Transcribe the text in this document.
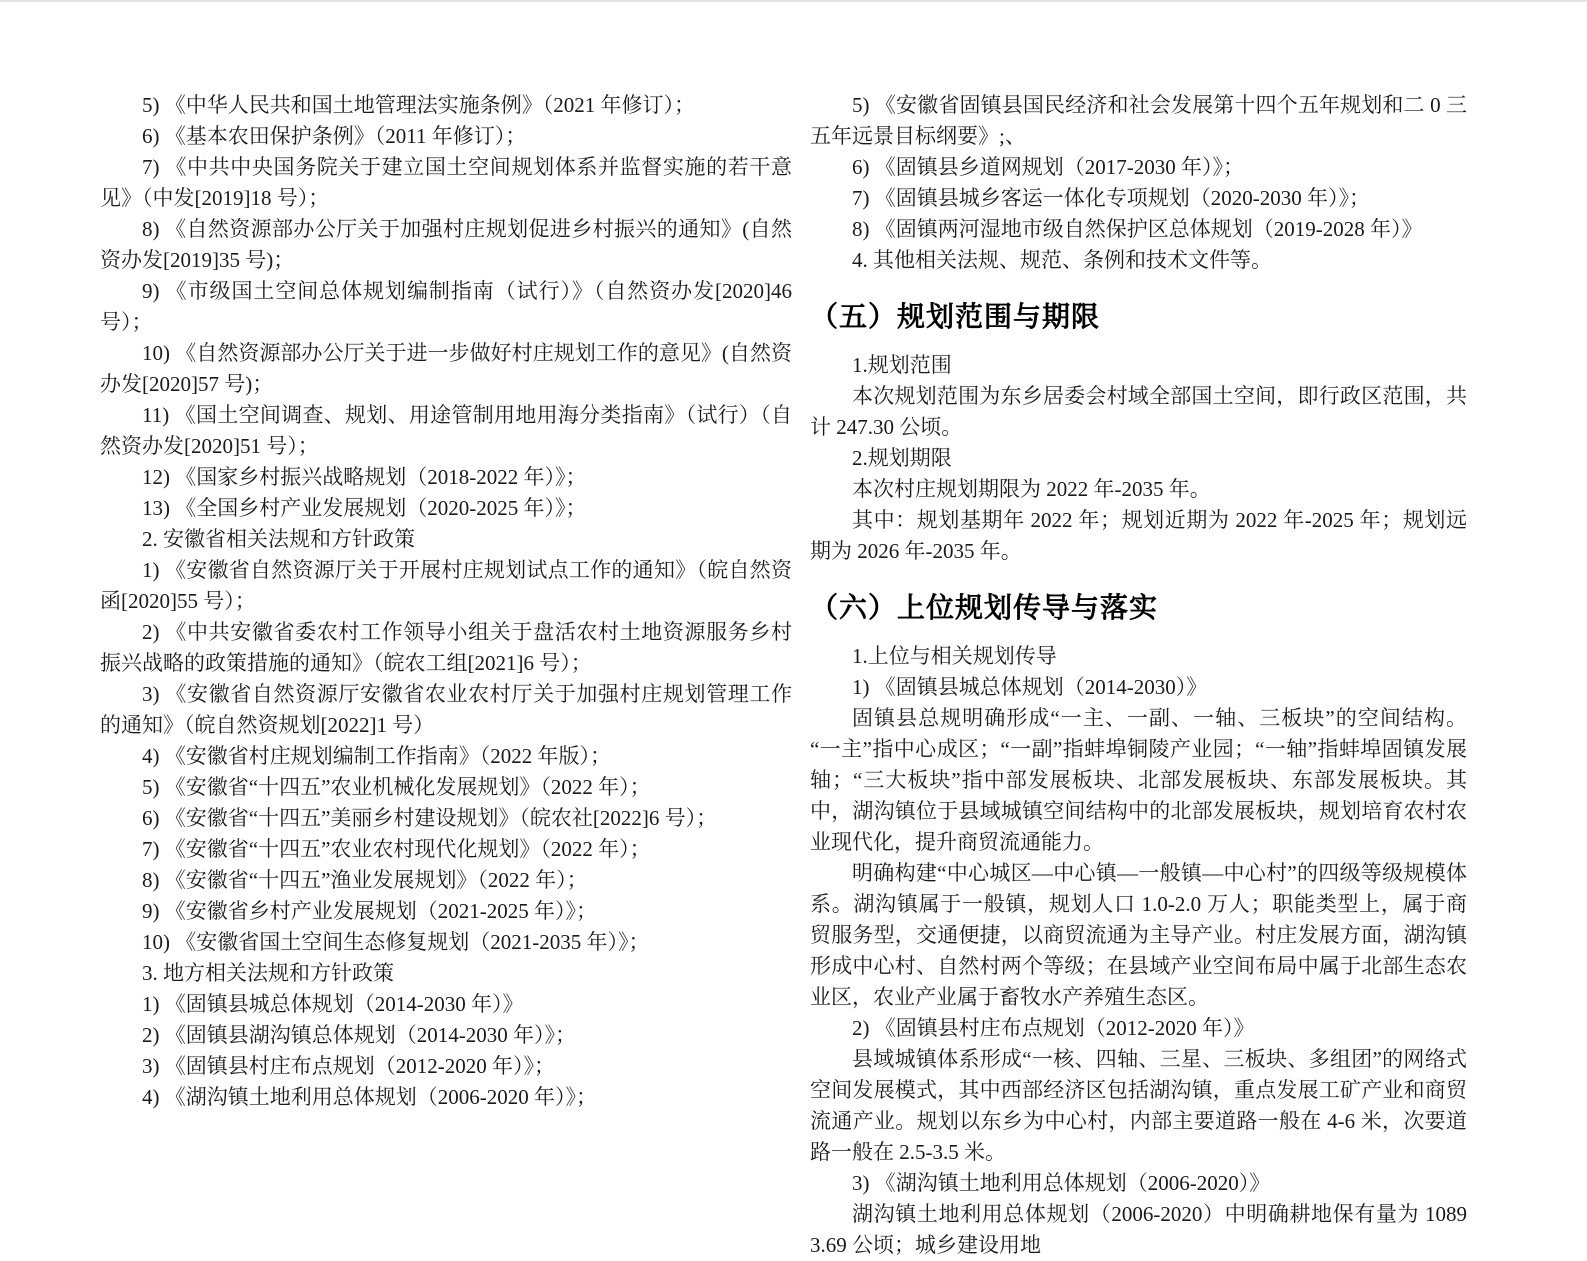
5) 《中华人民共和国土地管理法实施条例》（2021 年修订）；

6) 《基本农田保护条例》（2011 年修订）；

7) 《中共中央国务院关于建立国土空间规划体系并监督实施的若干意见》（中发[2019]18 号）；

8) 《自然资源部办公厅关于加强村庄规划促进乡村振兴的通知》(自然资办发[2019]35 号)；

9) 《市级国土空间总体规划编制指南（试行）》（自然资办发[2020]46 号）；

10) 《自然资源部办公厅关于进一步做好村庄规划工作的意见》(自然资办发[2020]57 号)；

11) 《国土空间调查、规划、用途管制用地用海分类指南》（试行）（自然资办发[2020]51 号）；

12) 《国家乡村振兴战略规划（2018-2022 年）》；

13) 《全国乡村产业发展规划（2020-2025 年）》；

2. 安徽省相关法规和方针政策

1) 《安徽省自然资源厅关于开展村庄规划试点工作的通知》（皖自然资函[2020]55 号）；

2) 《中共安徽省委农村工作领导小组关于盘活农村土地资源服务乡村振兴战略的政策措施的通知》（皖农工组[2021]6 号）；

3) 《安徽省自然资源厅安徽省农业农村厅关于加强村庄规划管理工作的通知》（皖自然资规划[2022]1 号）

4) 《安徽省村庄规划编制工作指南》（2022 年版）；

5) 《安徽省“十四五”农业机械化发展规划》（2022 年）；

6) 《安徽省“十四五”美丽乡村建设规划》（皖农社[2022]6 号）；

7) 《安徽省“十四五”农业农村现代化规划》（2022 年）；

8) 《安徽省“十四五”渔业发展规划》（2022 年）；

9) 《安徽省乡村产业发展规划（2021-2025 年）》；

10) 《安徽省国土空间生态修复规划（2021-2035 年）》；

3. 地方相关法规和方针政策

1) 《固镇县城总体规划（2014-2030 年）》

2) 《固镇县湖沟镇总体规划（2014-2030 年）》；

3) 《固镇县村庄布点规划（2012-2020 年）》；

4) 《湖沟镇土地利用总体规划（2006-2020 年）》；

5) 《安徽省固镇县国民经济和社会发展第十四个五年规划和二 0 三五年远景目标纲要》;、

6) 《固镇县乡道网规划（2017-2030 年）》；

7) 《固镇县城乡客运一体化专项规划（2020-2030 年）》；

8) 《固镇两河湿地市级自然保护区总体规划（2019-2028 年）》

4. 其他相关法规、规范、条例和技术文件等。

（五）规划范围与期限

1.规划范围

本次规划范围为东乡居委会村域全部国土空间，即行政区范围，共计 247.30 公顷。

2.规划期限

本次村庄规划期限为 2022 年-2035 年。

其中：规划基期年 2022 年；规划近期为 2022 年-2025 年；规划远期为 2026 年-2035 年。

（六）上位规划传导与落实

1.上位与相关规划传导

1) 《固镇县城总体规划（2014-2030）》

固镇县总规明确形成“一主、一副、一轴、三板块”的空间结构。“一主”指中心成区；“一副”指蚌埠铜陵产业园；“一轴”指蚌埠固镇发展轴；“三大板块”指中部发展板块、北部发展板块、东部发展板块。其中，湖沟镇位于县域城镇空间结构中的北部发展板块，规划培育农村农业现代化，提升商贸流通能力。

明确构建“中心城区—中心镇—一般镇—中心村”的四级等级规模体系。湖沟镇属于一般镇，规划人口 1.0-2.0 万人；职能类型上，属于商贸服务型，交通便捷，以商贸流通为主导产业。村庄发展方面，湖沟镇形成中心村、自然村两个等级；在县域产业空间布局中属于北部生态农业区，农业产业属于畜牧水产养殖生态区。

2) 《固镇县村庄布点规划（2012-2020 年）》

县域城镇体系形成“一核、四轴、三星、三板块、多组团”的网络式空间发展模式，其中西部经济区包括湖沟镇，重点发展工矿产业和商贸流通产业。规划以东乡为中心村，内部主要道路一般在 4-6 米，次要道路一般在 2.5-3.5 米。

3) 《湖沟镇土地利用总体规划（2006-2020）》

湖沟镇土地利用总体规划（2006-2020）中明确耕地保有量为 10893.69 公顷；城乡建设用地
